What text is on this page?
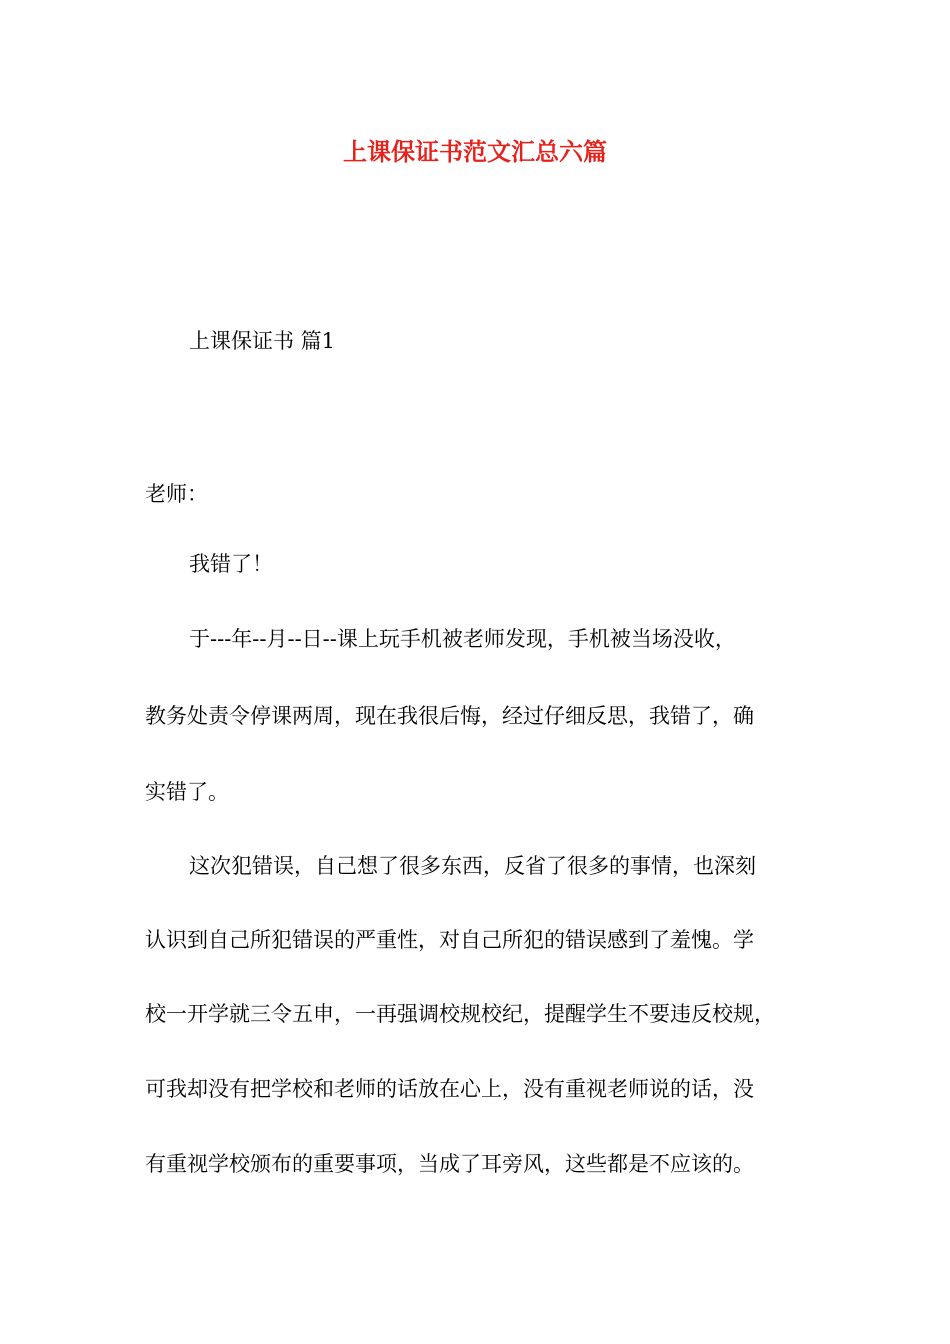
上课保证书范文汇总六篇
上课保证书 篇1
老师：
我错了！
于---年--月--日--课上玩手机被老师发现，手机被当场没收，
教务处责令停课两周，现在我很后悔，经过仔细反思，我错了，确
实错了。
这次犯错误，自己想了很多东西，反省了很多的事情，也深刻
认识到自己所犯错误的严重性，对自己所犯的错误感到了羞愧。学
校一开学就三令五申，一再强调校规校纪，提醒学生不要违反校规，
可我却没有把学校和老师的话放在心上，没有重视老师说的话，没
有重视学校颁布的重要事项，当成了耳旁风，这些都是不应该的。
